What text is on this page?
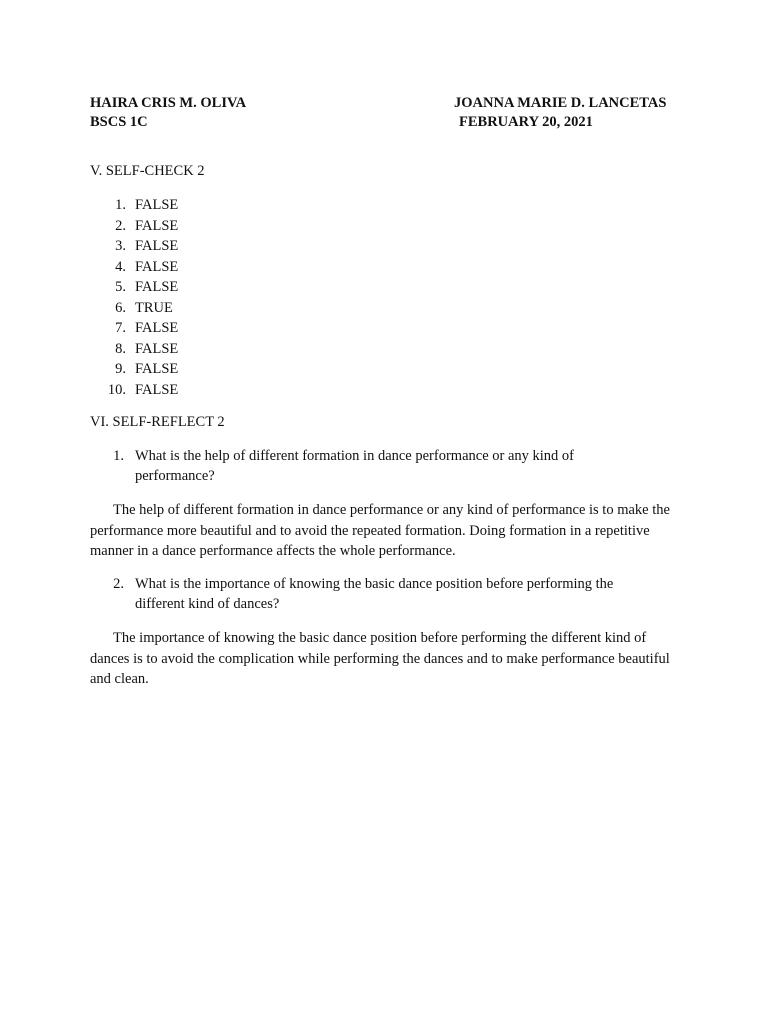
HAIRA CRIS M. OLIVA	JOANNA MARIE D. LANCETAS
BSCS 1C	FEBRUARY 20, 2021
V. SELF-CHECK 2
1. FALSE
2. FALSE
3. FALSE
4. FALSE
5. FALSE
6. TRUE
7. FALSE
8. FALSE
9. FALSE
10. FALSE
VI. SELF-REFLECT 2
1. What is the help of different formation in dance performance or any kind of performance?
The help of different formation in dance performance or any kind of performance is to make the performance more beautiful and to avoid the repeated formation. Doing formation in a repetitive manner in a dance performance affects the whole performance.
2. What is the importance of knowing the basic dance position before performing the different kind of dances?
The importance of knowing the basic dance position before performing the different kind of dances is to avoid the complication while performing the dances and to make performance beautiful and clean.
